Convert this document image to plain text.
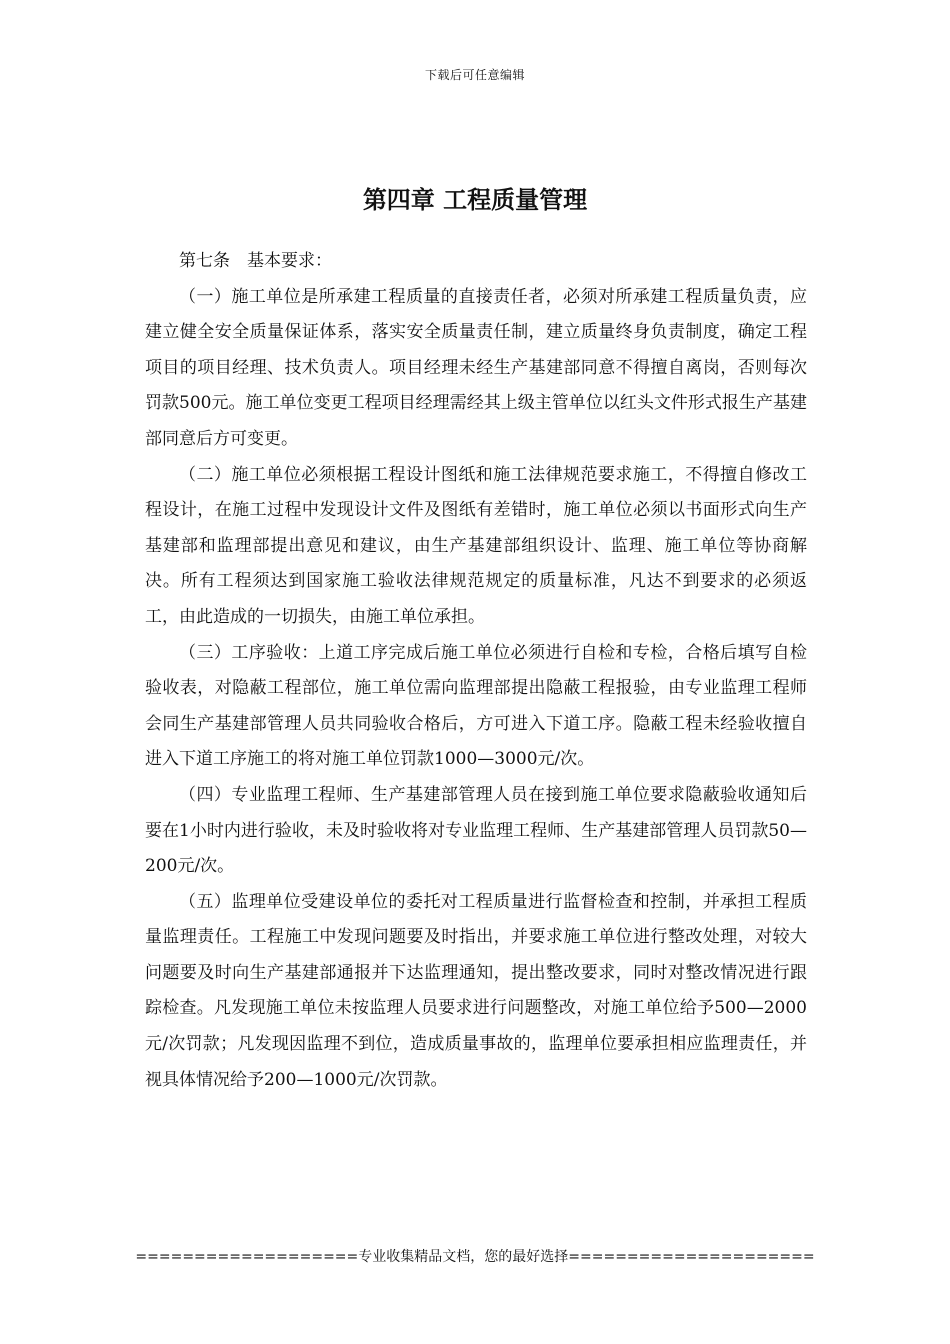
下载后可任意编辑
第四章 工程质量管理

第七条　基本要求：

（一）施工单位是所承建工程质量的直接责任者，必须对所承建工程质量负责，应建立健全安全质量保证体系，落实安全质量责任制，建立质量终身负责制度，确定工程项目的项目经理、技术负责人。项目经理未经生产基建部同意不得擅自离岗，否则每次罚款500元。施工单位变更工程项目经理需经其上级主管单位以红头文件形式报生产基建部同意后方可变更。

（二）施工单位必须根据工程设计图纸和施工法律规范要求施工，不得擅自修改工程设计，在施工过程中发现设计文件及图纸有差错时，施工单位必须以书面形式向生产基建部和监理部提出意见和建议，由生产基建部组织设计、监理、施工单位等协商解决。所有工程须达到国家施工验收法律规范规定的质量标准，凡达不到要求的必须返工，由此造成的一切损失，由施工单位承担。

（三）工序验收：上道工序完成后施工单位必须进行自检和专检，合格后填写自检验收表，对隐蔽工程部位，施工单位需向监理部提出隐蔽工程报验，由专业监理工程师会同生产基建部管理人员共同验收合格后，方可进入下道工序。隐蔽工程未经验收擅自进入下道工序施工的将对施工单位罚款1000—3000元/次。

（四）专业监理工程师、生产基建部管理人员在接到施工单位要求隐蔽验收通知后要在1小时内进行验收，未及时验收将对专业监理工程师、生产基建部管理人员罚款50—200元/次。

（五）监理单位受建设单位的委托对工程质量进行监督检查和控制，并承担工程质量监理责任。工程施工中发现问题要及时指出，并要求施工单位进行整改处理，对较大问题要及时向生产基建部通报并下达监理通知，提出整改要求，同时对整改情况进行跟踪检查。凡发现施工单位未按监理人员要求进行问题整改，对施工单位给予500—2000元/次罚款；凡发现因监理不到位，造成质量事故的，监理单位要承担相应监理责任，并视具体情况给予200—1000元/次罚款。

===================专业收集精品文档，您的最好选择=====================
